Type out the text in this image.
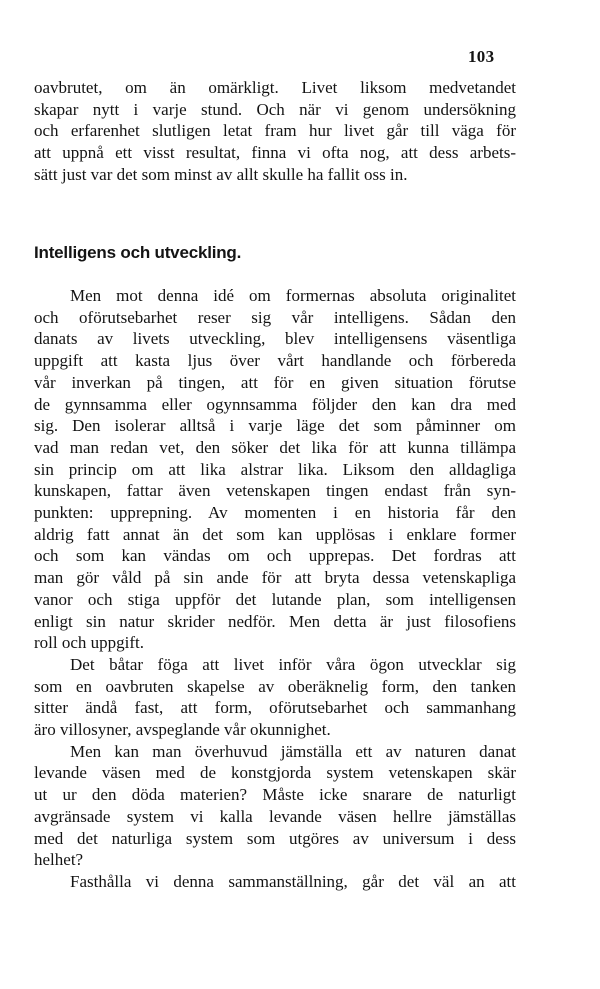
103
oavbrutet, om än omärkligt. Livet liksom medvetandet
skapar nytt i varje stund. Och när vi genom undersökning
och erfarenhet slutligen letat fram hur livet går till väga för
att uppnå ett visst resultat, finna vi ofta nog, att dess arbets-
sätt just var det som minst av allt skulle ha fallit oss in.
Intelligens och utveckling.
Men mot denna idé om formernas absoluta originalitet
och oförutsebarhet reser sig vår intelligens. Sådan den
danats av livets utveckling, blev intelligensens väsentliga
uppgift att kasta ljus över vårt handlande och förbereda
vår inverkan på tingen, att för en given situation förutse
de gynnsamma eller ogynnsamma följder den kan dra med
sig. Den isolerar alltså i varje läge det som påminner om
vad man redan vet, den söker det lika för att kunna tillämpa
sin princip om att lika alstrar lika. Liksom den alldagliga
kunskapen, fattar även vetenskapen tingen endast från syn-
punkten: upprepning. Av momenten i en historia får den
aldrig fatt annat än det som kan upplösas i enklare former
och som kan vändas om och upprepas. Det fordras att
man gör våld på sin ande för att bryta dessa vetenskapliga
vanor och stiga uppför det lutande plan, som intelligensen
enligt sin natur skrider nedför. Men detta är just filosofiens
roll och uppgift.
Det båtar föga att livet inför våra ögon utvecklar sig
som en oavbruten skapelse av oberäknelig form, den tanken
sitter ändå fast, att form, oförutsebarhet och sammanhang
äro villosyner, avspeglande vår okunnighet.
Men kan man överhuvud jämställa ett av naturen danat
levande väsen med de konstgjorda system vetenskapen skär
ut ur den döda materien? Måste icke snarare de naturligt
avgränsade system vi kalla levande väsen hellre jämställas
med det naturliga system som utgöres av universum i dess
helhet?
Fasthålla vi denna sammanställning, går det väl an att
